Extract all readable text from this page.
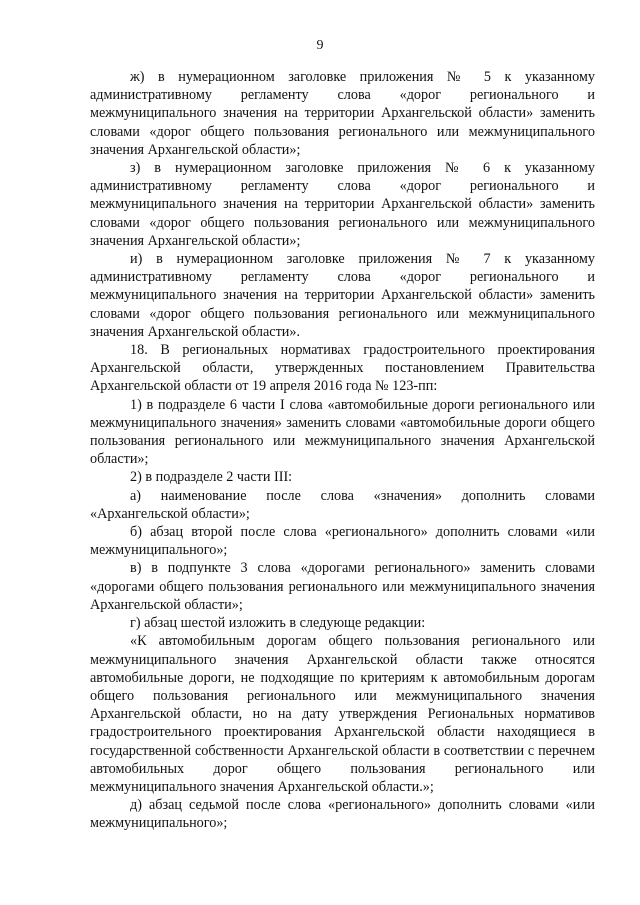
9

ж) в нумерационном заголовке приложения № 5 к указанному административному регламенту слова «дорог регионального и межмуниципального значения на территории Архангельской области» заменить словами «дорог общего пользования регионального или межмуниципального значения Архангельской области»;

з) в нумерационном заголовке приложения № 6 к указанному административному регламенту слова «дорог регионального и межмуниципального значения на территории Архангельской области» заменить словами «дорог общего пользования регионального или межмуниципального значения Архангельской области»;

и) в нумерационном заголовке приложения № 7 к указанному административному регламенту слова «дорог регионального и межмуниципального значения на территории Архангельской области» заменить словами «дорог общего пользования регионального или межмуниципального значения Архангельской области».

18. В региональных нормативах градостроительного проектирования Архангельской области, утвержденных постановлением Правительства Архангельской области от 19 апреля 2016 года № 123-пп:

1) в подразделе 6 части I слова «автомобильные дороги регионального или межмуниципального значения» заменить словами «автомобильные дороги общего пользования регионального или межмуниципального значения Архангельской области»;

2) в подразделе 2 части III:

а) наименование после слова «значения» дополнить словами «Архангельской области»;

б) абзац второй после слова «регионального» дополнить словами «или межмуниципального»;

в) в подпункте 3 слова «дорогами регионального» заменить словами «дорогами общего пользования регионального или межмуниципального значения Архангельской области»;

г) абзац шестой изложить в следующе редакции:

«К автомобильным дорогам общего пользования регионального или межмуниципального значения Архангельской области также относятся автомобильные дороги, не подходящие по критериям к автомобильным дорогам общего пользования регионального или межмуниципального значения Архангельской области, но на дату утверждения Региональных нормативов градостроительного проектирования Архангельской области находящиеся в государственной собственности Архангельской области в соответствии с перечнем автомобильных дорог общего пользования регионального или межмуниципального значения Архангельской области.»;

д) абзац седьмой после слова «регионального» дополнить словами «или межмуниципального»;
